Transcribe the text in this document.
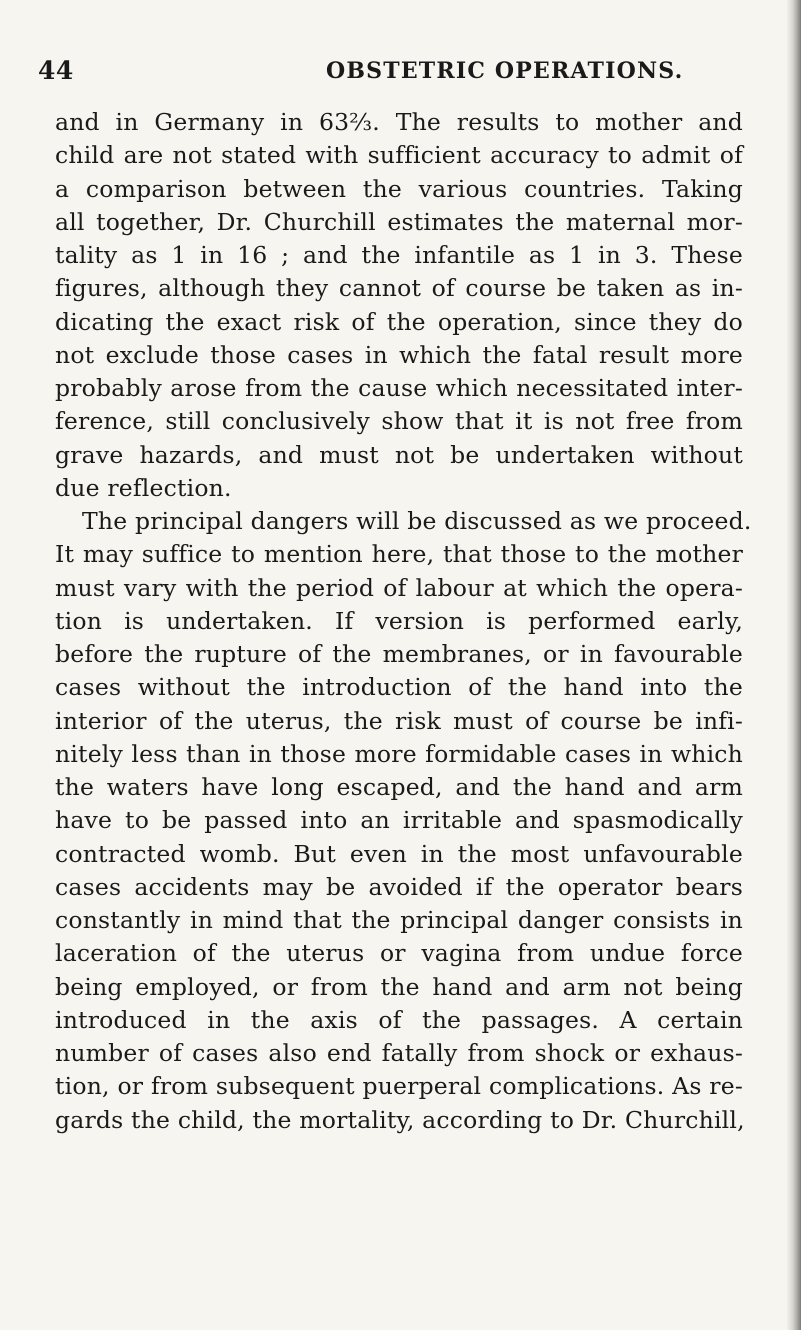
44	OBSTETRIC OPERATIONS.
and in Germany in 63⅔. The results to mother and
child are not stated with sufficient accuracy to admit of
a comparison between the various countries. Taking
all together, Dr. Churchill estimates the maternal mor-
tality as 1 in 16 ; and the infantile as 1 in 3. These
figures, although they cannot of course be taken as in-
dicating the exact risk of the operation, since they do
not exclude those cases in which the fatal result more
probably arose from the cause which necessitated inter-
ference, still conclusively show that it is not free from
grave hazards, and must not be undertaken without
due reflection.
The principal dangers will be discussed as we proceed.
It may suffice to mention here, that those to the mother
must vary with the period of labour at which the opera-
tion is undertaken. If version is performed early,
before the rupture of the membranes, or in favourable
cases without the introduction of the hand into the
interior of the uterus, the risk must of course be infi-
nitely less than in those more formidable cases in which
the waters have long escaped, and the hand and arm
have to be passed into an irritable and spasmodically
contracted womb. But even in the most unfavourable
cases accidents may be avoided if the operator bears
constantly in mind that the principal danger consists in
laceration of the uterus or vagina from undue force
being employed, or from the hand and arm not being
introduced in the axis of the passages. A certain
number of cases also end fatally from shock or exhaus-
tion, or from subsequent puerperal complications. As re-
gards the child, the mortality, according to Dr. Churchill,
